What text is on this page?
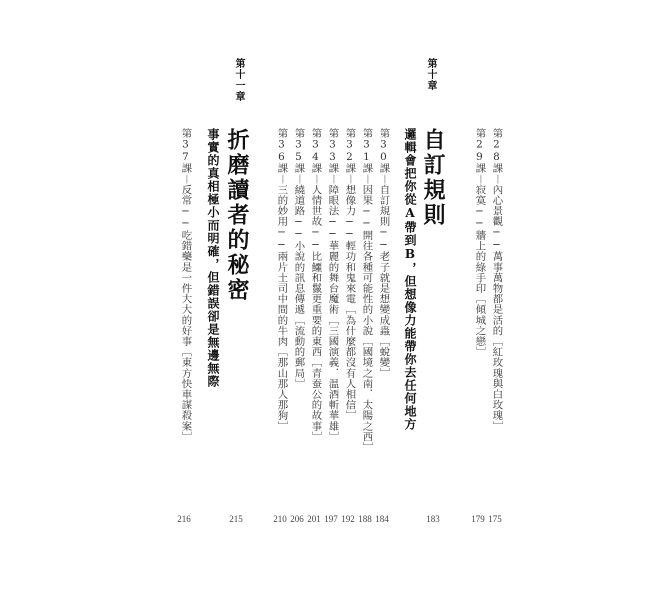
第28課︱內心景觀──萬事萬物都是活的［紅玫瑰與白玫瑰］
第29課︱寂寞──牆上的綠手印［傾城之戀］
第十章
自訂規則
邏輯會把你從A帶到B，但想像力能帶你去任何地方
第30課︱自訂規則──老子就是想變成蟲［蛻變］
第31課︱因果──開往各種可能性的小說［國境之南．太陽之西］
第32課︱想像力──輕功和鬼來電［為什麼都沒有人相信］
第33課︱障眼法──華麗的舞台魔術［三國演義．温酒斬華雄］
第34課︱人情世故──比鱷和鬣更重要的東西［青蚕公的故事］
第35課︱繞道路──小說的訊息傳遞［流動的郵局］
第36課︱三的妙用──兩片土司中間的牛肉［那山那人那狗］
第十一章
折磨讀者的秘密
事實的真相極小而明確，但錯誤卻是無邊無際
第37課︱反常──吃錯藥是一件大大的好事［東方快車謀殺案］
175
179
183
184
188
192
197
201
206
210
215
216
